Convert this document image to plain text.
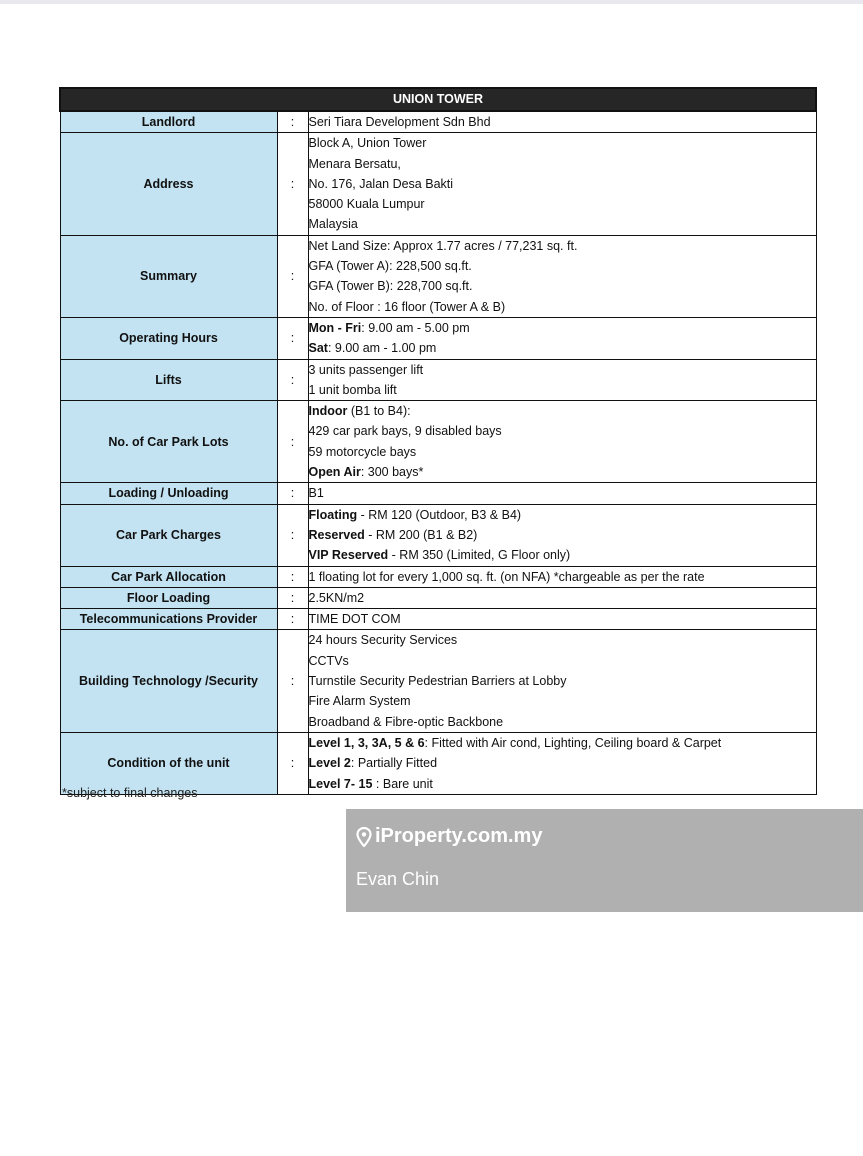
UNION TOWER		
Landlord	:	Seri Tiara Development Sdn Bhd

Address	:	Block A, Union Tower
Menara Bersatu,
No. 176, Jalan Desa Bakti
58000 Kuala Lumpur
Malaysia

Summary	:	Net Land Size: Approx 1.77 acres / 77,231 sq. ft.
GFA (Tower A): 228,500 sq.ft.
GFA (Tower B): 228,700 sq.ft.
No. of Floor : 16 floor (Tower A & B)

Operating Hours	:	Mon - Fri: 9.00 am - 5.00 pm
Sat: 9.00 am - 1.00 pm

Lifts	:	3 units passenger lift
1 unit bomba lift

No. of Car Park Lots	:	Indoor (B1 to B4):
429 car park bays, 9 disabled bays
59 motorcycle bays
Open Air: 300 bays*

Loading / Unloading	:	B1

Car Park Charges	:	Floating - RM 120 (Outdoor, B3 & B4)
Reserved - RM 200 (B1 & B2)
VIP Reserved - RM 350 (Limited, G Floor only)

Car Park Allocation	:	1 floating lot for every 1,000 sq. ft. (on NFA) *chargeable as per the rate

Floor Loading	:	2.5KN/m2

Telecommunications Provider	:	TIME DOT COM

Building Technology /Security	:	24 hours Security Services
CCTVs
Turnstile Security Pedestrian Barriers at Lobby
Fire Alarm System
Broadband & Fibre-optic Backbone

Condition of the unit	:	Level 1, 3, 3A, 5 & 6: Fitted with Air cond, Lighting, Ceiling board & Carpet
Level 2: Partially Fitted
Level 7- 15 : Bare unit
*subject to final changes
iProperty.com.my
Evan Chin
